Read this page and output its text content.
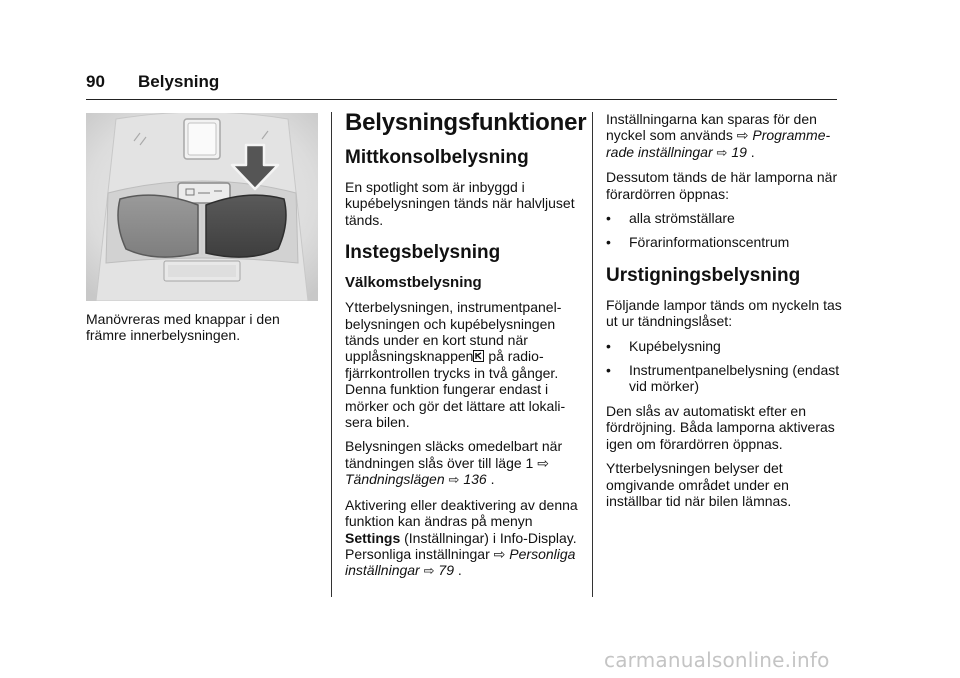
90 Belysning
Manövreras med knappar i den främre innerbelysningen.
Belysningsfunktioner
Mittkonsolbelysning

En spotlight som är inbyggd i kupébelysningen tänds när halvljuset tänds.

Instegsbelysning
Välkomstbelysning

Ytterbelysningen, instrumentpanelbelysningen och kupébelysningen tänds under en kort stund när upplåsningsknappen på radiofjärrkontrollen trycks in två gånger. Denna funktion fungerar endast i mörker och gör det lättare att lokalisera bilen.

Belysningen släcks omedelbart när tändningen slås över till läge 1 ⇨ Tändningslägen ⇨ 136 .

Aktivering eller deaktivering av denna funktion kan ändras på menyn Settings (Inställningar) i Info-Display. Personliga inställningar ⇨ Personliga inställningar ⇨ 79 .

Inställningarna kan sparas för den nyckel som används ⇨ Programmerade inställningar ⇨ 19 .

Dessutom tänds de här lamporna när förardörren öppnas:

•	alla strömställare
•	Förarinformationscentrum
Urstigningsbelysning

Följande lampor tänds om nyckeln tas ut ur tändningslåset:

•	Kupébelysning
•	Instrumentpanelbelysning (endast vid mörker)

Den slås av automatiskt efter en fördröjning. Båda lamporna aktiveras igen om förardörren öppnas.

Ytterbelysningen belyser det omgivande området under en inställbar tid när bilen lämnas.

carmanualsonline.info
